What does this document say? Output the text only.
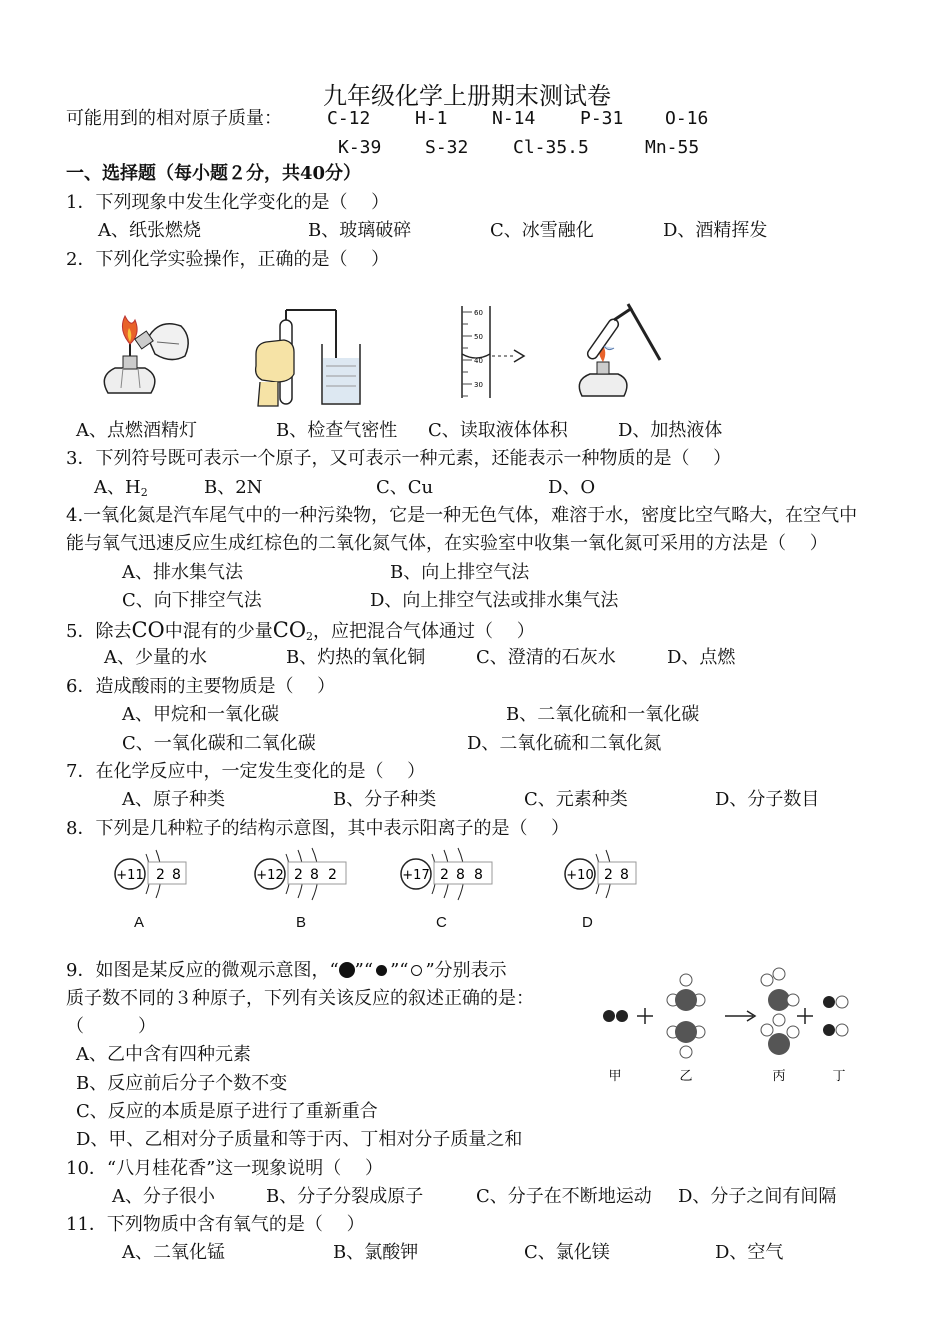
九年级化学上册期末测试卷
可能用到的相对原子质量：	C-12 H-1 N-14 P-31 O-16
K-39 S-32 Cl-35.5	Mn-55
一、选择题（每小题２分，共40分）
1．下列现象中发生化学变化的是（　 ）
A、纸张燃烧	B、玻璃破碎	C、冰雪融化	D、酒精挥发
2．下列化学实验操作，正确的是（　 ）
60
50
40
30
A、点燃酒精灯	B、检查气密性 C、读取液体体积	D、加热液体
3．下列符号既可表示一个原子，又可表示一种元素，还能表示一种物质的是（　 ）
A、$H_2$	B、2N	C、Cu	D、O
4.一氧化氮是汽车尾气中的一种污染物，它是一种无色气体，难溶于水，密度比空气略大，在空气中
能与氧气迅速反应生成红棕色的二氧化氮气体，在实验室中收集一氧化氮可采用的方法是（　 ）
A、排水集气法	B、向上排空气法
C、向下排空气法	D、向上排空气法或排水集气法
5．除去CO中混有的少量$CO_2$，应把混合气体通过（　 ）
A、少量的水	B、灼热的氧化铜	C、澄清的石灰水	D、点燃
6．造成酸雨的主要物质是（　 ）
A、甲烷和一氧化碳	B、二氧化硫和一氧化碳
C、一氧化碳和二氧化碳	D、二氧化硫和二氧化氮
7．在化学反应中，一定发生变化的是（　 ）
A、原子种类	B、分子种类	C、元素种类	D、分子数目
8．下列是几种粒子的结构示意图，其中表示阳离子的是（　 ）
+11 2 8
A
+12 2 8 2
B
+17 2 8 8
C
+10 2 8
D
9．如图是某反应的微观示意图，“ ”“ ”“ ”分别表示
质子数不同的３种原子，下列有关该反应的叙述正确的是：
（　　　）
A、乙中含有四种元素
B、反应前后分子个数不变
C、反应的本质是原子进行了重新重合
D、甲、乙相对分子质量和等于丙、丁相对分子质量之和
甲	乙	丙	丁
10．“八月桂花香”这一现象说明（　 ）
A、分子很小	B、分子分裂成原子	C、分子在不断地运动 D、分子之间有间隔
11．下列物质中含有氧气的是（　 ）
A、二氧化锰	B、氯酸钾	C、氯化镁	D、空气
